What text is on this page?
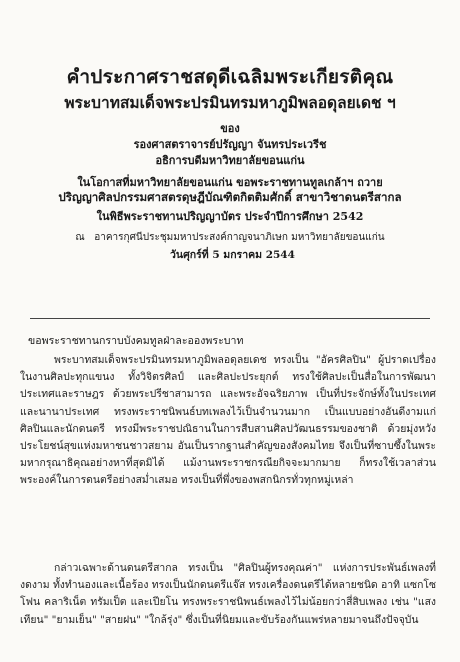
คำประกาศราชสดุดีเฉลิมพระเกียรติคุณ
พระบาทสมเด็จพระปรมินทรมหาภูมิพลอดุลยเดช ฯ
ของ
รองศาสตราจารย์ปรัญญา จันทรประเวรีช
อธิการบดีมหาวิทยาลัยขอนแก่น
ในโอกาสที่มหาวิทยาลัยขอนแก่น ขอพระราชทานทูลเกล้าฯ ถวาย
ปริญญาศิลปกรรมศาสตรดุษฎีบัณฑิตกิตติมศักดิ์ สาขาวิชาดนตรีสากล
ในพิธีพระราชทานปริญญาบัตร ประจำปีการศึกษา 2542
ณ อาคารกุศนีประชุมมหาประสงค์กาญจนาภิเษก มหาวิทยาลัยขอนแก่น
วันศุกร์ที่ 5 มกราคม 2544
ขอพระราชทานกราบบังคมทูลฝ่าละอองพระบาท
พระบาทสมเด็จพระปรมินทรมหาภูมิพลอดุลยเดช ทรงเป็น "อัครศิลปิน" ผู้ปราดเปรื่อง ในงานศิลปะทุกแขนง ทั้งวิจิตรศิลป์ และศิลปะประยุกต์ ทรงใช้ศิลปะเป็นสื่อในการพัฒนาประเทศและราษฎร ด้วยพระปรีชาสามารถ และพระอัจฉริยภาพ เป็นที่ประจักษ์ทั้งในประเทศและนานาประเทศ ทรงพระราชนิพนธ์บทเพลงไว้เป็นจำนวนมาก เป็นแบบอย่างอันดีงามแก่ศิลปินและนักดนตรี ทรงมีพระราชปณิธานในการสืบสานศิลปวัฒนธรรมของชาติ ด้วยมุ่งหวังประโยชน์สุขแห่งมหาชนชาวสยาม อันเป็นรากฐานสำคัญของสังคมไทย จึงเป็นที่ซาบซึ้งในพระมหากรุณาธิคุณอย่างหาที่สุดมิได้ แม้งานพระราชกรณียกิจจะมากมาย ก็ทรงใช้เวลาส่วนพระองค์ในการดนตรีอย่างสม่ำเสมอ ทรงเป็นที่พึ่งของพสกนิกรทั่วทุกหมู่เหล่า
กล่าวเฉพาะด้านดนตรีสากล ทรงเป็น "ศิลปินผู้ทรงคุณค่า" แห่งการประพันธ์เพลงที่งดงาม ทั้งทำนองและเนื้อร้อง ทรงเป็นนักดนตรีแจ๊ส ทรงเครื่องดนตรีได้หลายชนิด อาทิ แซกโซโฟน คลาริเน็ต ทรัมเป็ต และเปียโน ทรงพระราชนิพนธ์เพลงไว้ไม่น้อยกว่าสี่สิบเพลง เช่น "แสงเทียน" "ยามเย็น" "สายฝน" "ใกล้รุ่ง" ซึ่งเป็นที่นิยมและขับร้องกันแพร่หลายมาจนถึงปัจจุบัน
